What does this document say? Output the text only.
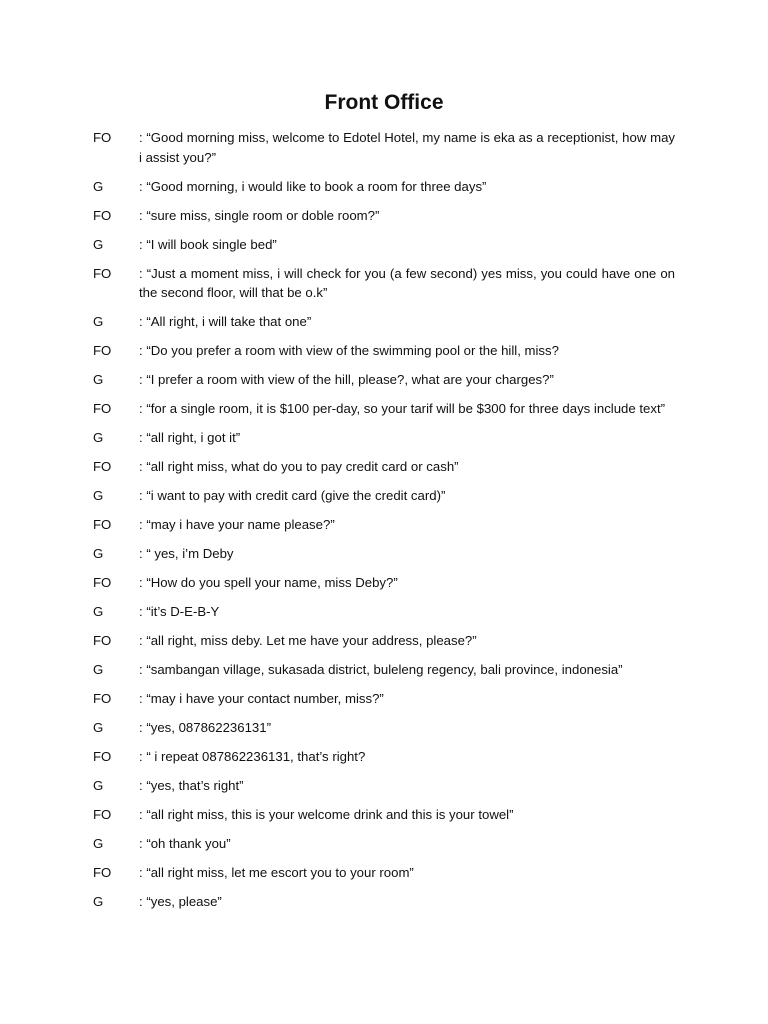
Front Office
FO	: “Good morning miss, welcome to Edotel Hotel, my name is eka as a receptionist, how may i assist you?”
G	: “Good morning, i would like to book a room for three days”
FO	: “sure miss, single room or doble room?”
G	: “I will book single bed”
FO	: “Just a moment miss, i will check for you (a few second) yes miss, you could have one on the second floor, will that be o.k”
G	: “All right, i will take that one”
FO	: “Do you prefer a room with view of the swimming pool or the hill, miss?
G	: “I prefer a room with view of the hill, please?, what are your charges?”
FO	: “for a single room, it is $100 per-day, so your tarif will be $300 for three days include text”
G	: “all right, i got it”
FO	: “all right miss, what do you to pay credit card or cash”
G	: “i want to pay with credit card (give the credit card)”
FO	: “may i have your name please?”
G	: “ yes, i’m Deby
FO	: “How do you spell your name, miss Deby?”
G	: “it’s D-E-B-Y
FO	: “all right, miss deby. Let me have your address, please?”
G	: “sambangan village, sukasada district, buleleng regency, bali province, indonesia”
FO	: “may i have your contact number, miss?”
G	: “yes, 087862236131”
FO	: “ i repeat 087862236131, that’s right?
G	: “yes, that’s right”
FO	: “all right miss, this is your welcome drink and this is your towel”
G	: “oh thank you”
FO	: “all right miss, let me escort you to your room”
G	: “yes, please”
